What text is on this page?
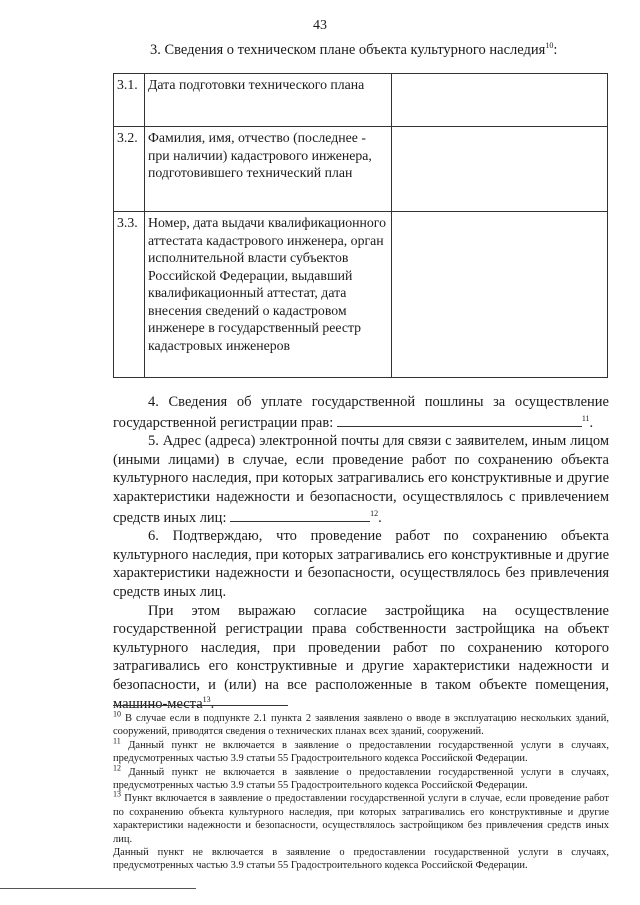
43
3. Сведения о техническом плане объекта культурного наследия$^{10}$:
3.1.	Дата подготовки технического плана	
3.2.	Фамилия, имя, отчество (последнее - при наличии) кадастрового инженера, подготовившего технический план	
3.3.	Номер, дата выдачи квалификационного аттестата кадастрового инженера, орган исполнительной власти субъектов Российской Федерации, выдавший квалификационный аттестат, дата внесения сведений о кадастровом инженере в государственный реестр кадастровых инженеров	

4. Сведения об уплате государственной пошлины за осуществление государственной регистрации прав:	$^{11}$.

5. Адрес (адреса) электронной почты для связи с заявителем, иным лицом (иными лицами) в случае, если проведение работ по сохранению объекта культурного наследия, при которых затрагивались его конструктивные и другие характеристики надежности и безопасности, осуществлялось с привлечением средств иных лиц:	$^{12}$.

6. Подтверждаю, что проведение работ по сохранению объекта культурного наследия, при которых затрагивались его конструктивные и другие характеристики надежности и безопасности, осуществлялось без привлечения средств иных лиц.

При этом выражаю согласие застройщика на осуществление государственной регистрации права собственности застройщика на объект культурного наследия, при проведении работ по сохранению которого затрагивались его конструктивные и другие характеристики надежности и безопасности, и (или) на все расположенные в таком объекте помещения, машино-места$^{13}$.

$^{10}$ В случае если в подпункте 2.1 пункта 2 заявления заявлено о вводе в эксплуатацию нескольких зданий, сооружений, приводятся сведения о технических планах всех зданий, сооружений.

$^{11}$ Данный пункт не включается в заявление о предоставлении государственной услуги в случаях, предусмотренных частью 3.9 статьи 55 Градостроительного кодекса Российской Федерации.

$^{12}$ Данный пункт не включается в заявление о предоставлении государственной услуги в случаях, предусмотренных частью 3.9 статьи 55 Градостроительного кодекса Российской Федерации.

$^{13}$ Пункт включается в заявление о предоставлении государственной услуги в случае, если проведение работ по сохранению объекта культурного наследия, при которых затрагивались его конструктивные и другие характеристики надежности и безопасности, осуществлялось застройщиком без привлечения средств иных лиц.

Данный пункт не включается в заявление о предоставлении государственной услуги в случаях, предусмотренных частью 3.9 статьи 55 Градостроительного кодекса Российской Федерации.
